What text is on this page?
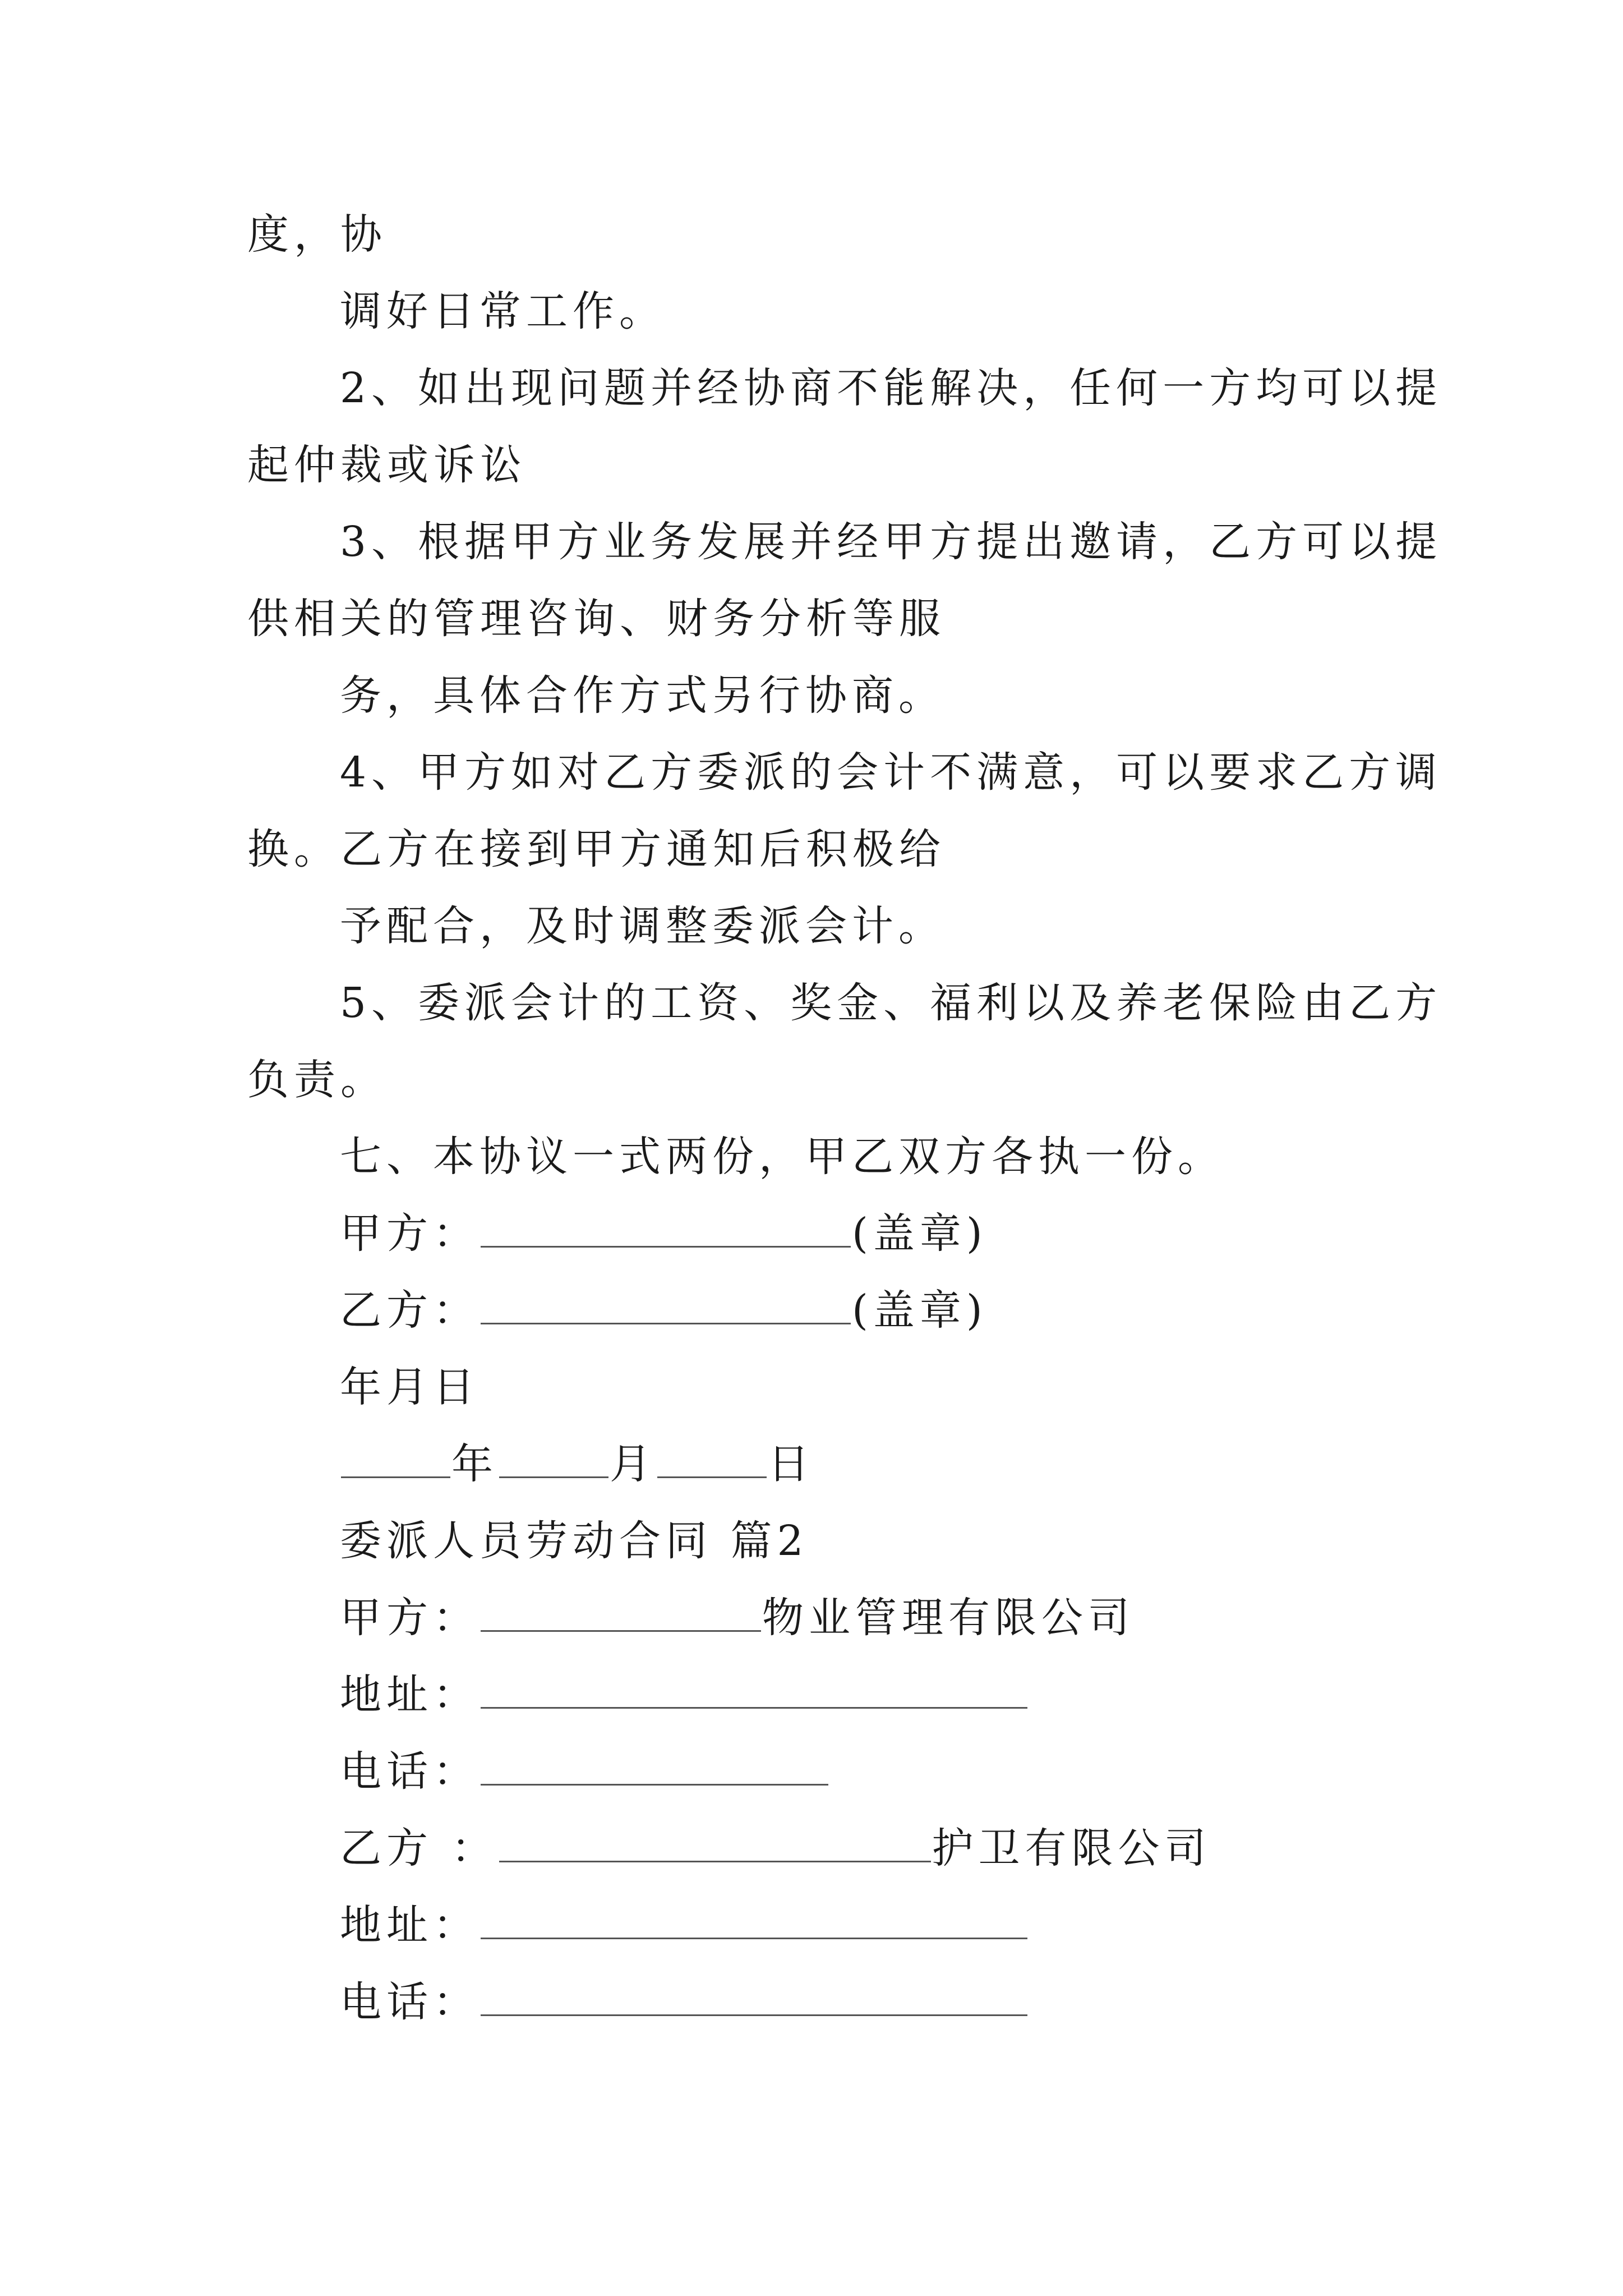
度，协
调好日常工作。
2、如出现问题并经协商不能解决，任何一方均可以提
起仲裁或诉讼
3、根据甲方业务发展并经甲方提出邀请，乙方可以提
供相关的管理咨询、财务分析等服
务，具体合作方式另行协商。
4、甲方如对乙方委派的会计不满意，可以要求乙方调
换。乙方在接到甲方通知后积极给
予配合，及时调整委派会计。
5、委派会计的工资、奖金、福利以及养老保险由乙方
负责。
七、本协议一式两份，甲乙双方各执一份。
甲方：	(盖章)
乙方：	(盖章)
年月日
年	月	日
委派人员劳动合同 篇2
甲方：	物业管理有限公司
地址：
电话：
乙方 ：	护卫有限公司
地址：
电话：
